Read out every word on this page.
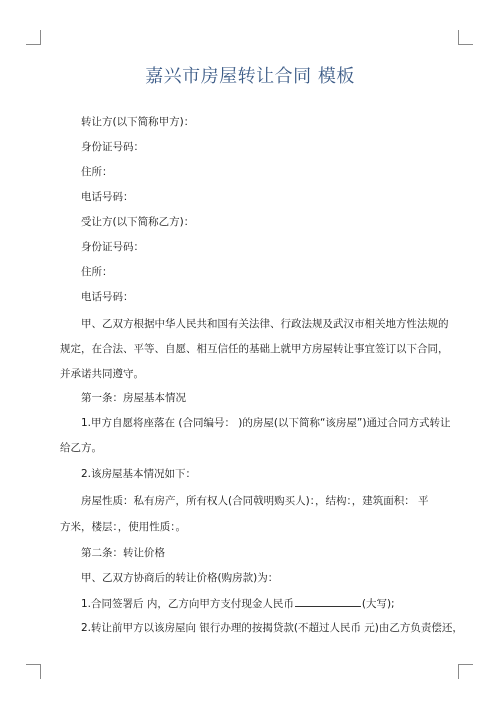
嘉兴市房屋转让合同 模板
转让方(以下简称甲方)：
身份证号码：
住所：
电话号码：
受让方(以下简称乙方)：
身份证号码：
住所：
电话号码：
甲、乙双方根据中华人民共和国有关法律、行政法规及武汉市相关地方性法规的
规定，在合法、平等、自愿、相互信任的基础上就甲方房屋转让事宜签订以下合同，
并承诺共同遵守。
第一条：房屋基本情况
1.甲方自愿将座落在 (合同编号： )的房屋(以下简称“该房屋”)通过合同方式转让
给乙方。
2.该房屋基本情况如下：
房屋性质：私有房产，所有权人(合同戟明购买人)：，结构：，建筑面积： 平
方米，楼层：，使用性质：。
第二条：转让价格
甲、乙双方协商后的转让价格(购房款)为：
1.合同签署后 内，乙方向甲方支付现金人民币	(大写);
2.转让前甲方以该房屋向 银行办理的按揭贷款(不超过人民币 元)由乙方负责偿还，
